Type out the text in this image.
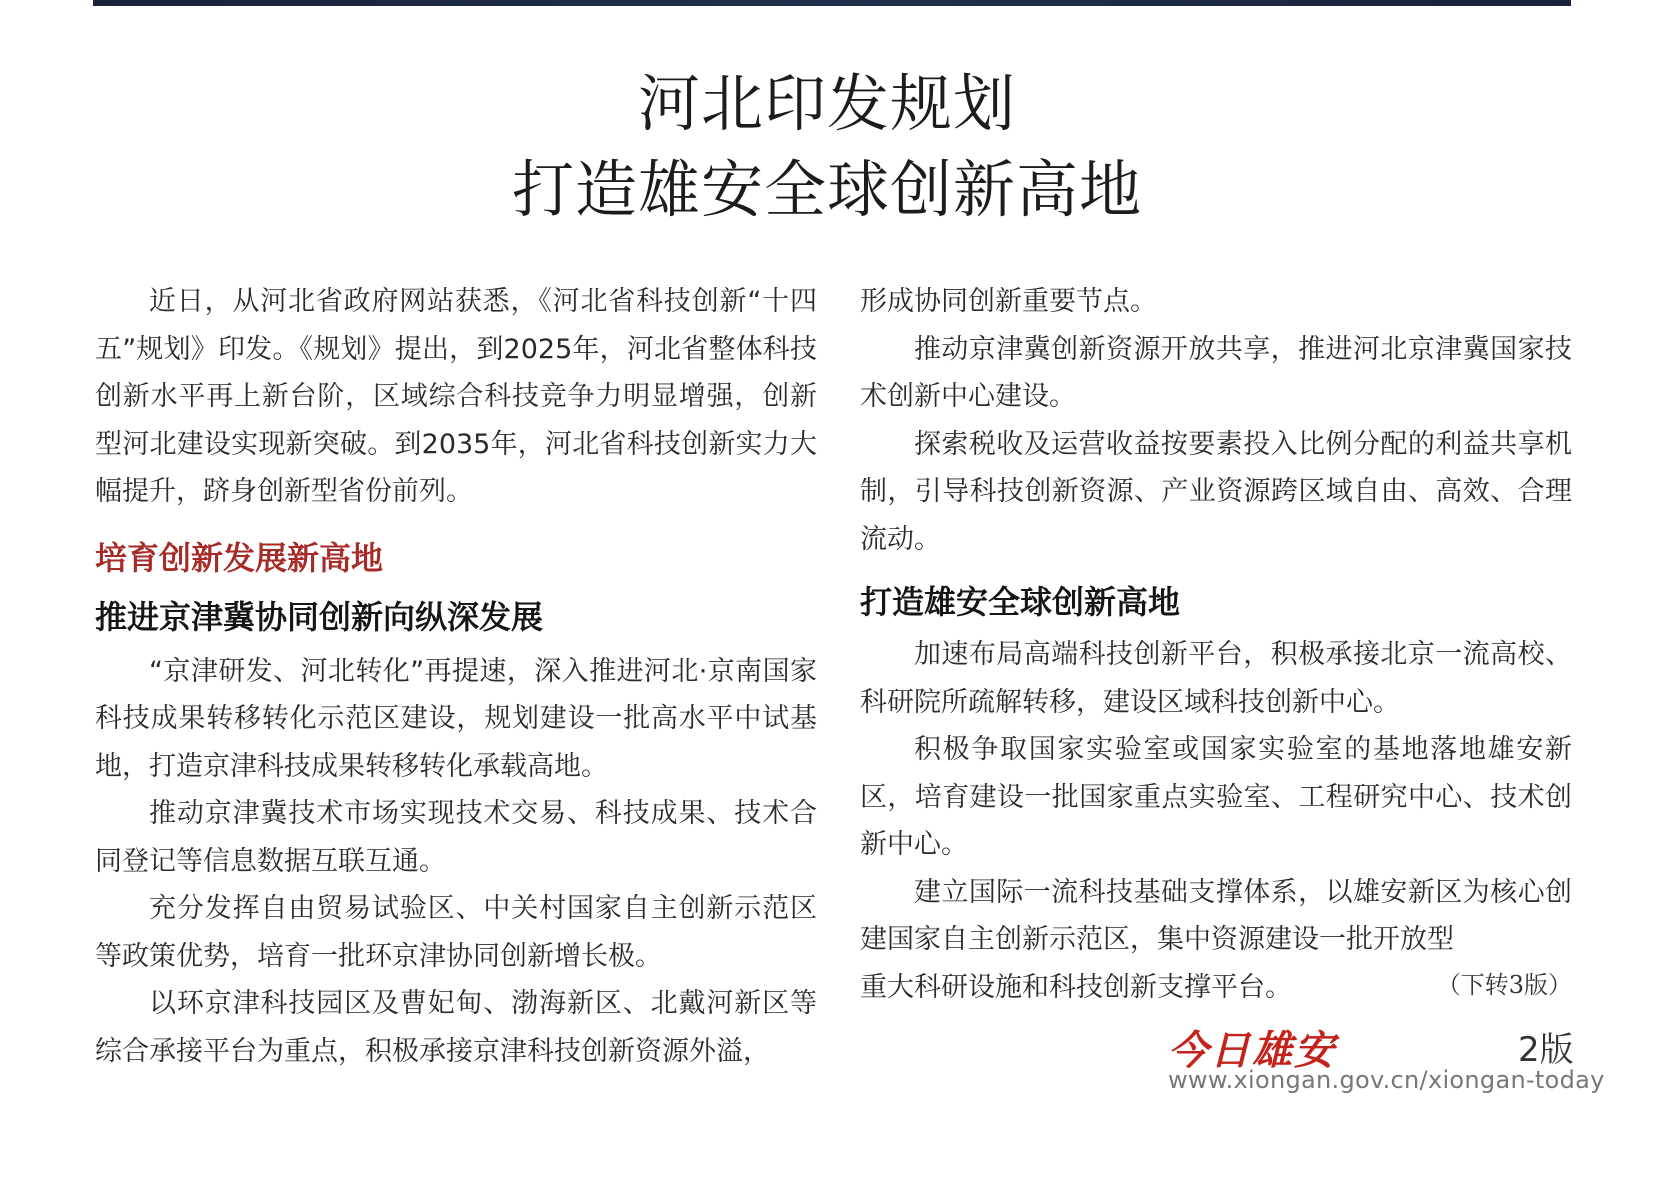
河北印发规划
打造雄安全球创新高地

近日，从河北省政府网站获悉，《河北省科技创新“十四五”规划》印发。《规划》提出，到2025年，河北省整体科技创新水平再上新台阶，区域综合科技竞争力明显增强，创新型河北建设实现新突破。到2035年，河北省科技创新实力大幅提升，跻身创新型省份前列。

培育创新发展新高地
推进京津冀协同创新向纵深发展

“京津研发、河北转化”再提速，深入推进河北·京南国家科技成果转移转化示范区建设，规划建设一批高水平中试基地，打造京津科技成果转移转化承载高地。

推动京津冀技术市场实现技术交易、科技成果、技术合同登记等信息数据互联互通。

充分发挥自由贸易试验区、中关村国家自主创新示范区等政策优势，培育一批环京津协同创新增长极。

以环京津科技园区及曹妃甸、渤海新区、北戴河新区等综合承接平台为重点，积极承接京津科技创新资源外溢，

形成协同创新重要节点。

推动京津冀创新资源开放共享，推进河北京津冀国家技术创新中心建设。

探索税收及运营收益按要素投入比例分配的利益共享机制，引导科技创新资源、产业资源跨区域自由、高效、合理流动。

打造雄安全球创新高地

加速布局高端科技创新平台，积极承接北京一流高校、科研院所疏解转移，建设区域科技创新中心。

积极争取国家实验室或国家实验室的基地落地雄安新区，培育建设一批国家重点实验室、工程研究中心、技术创新中心。

建立国际一流科技基础支撑体系，以雄安新区为核心创建国家自主创新示范区，集中资源建设一批开放型

重大科研设施和科技创新支撑平台。	（下转3版）

今日雄安	2版
www.xiongan.gov.cn/xiongan-today
